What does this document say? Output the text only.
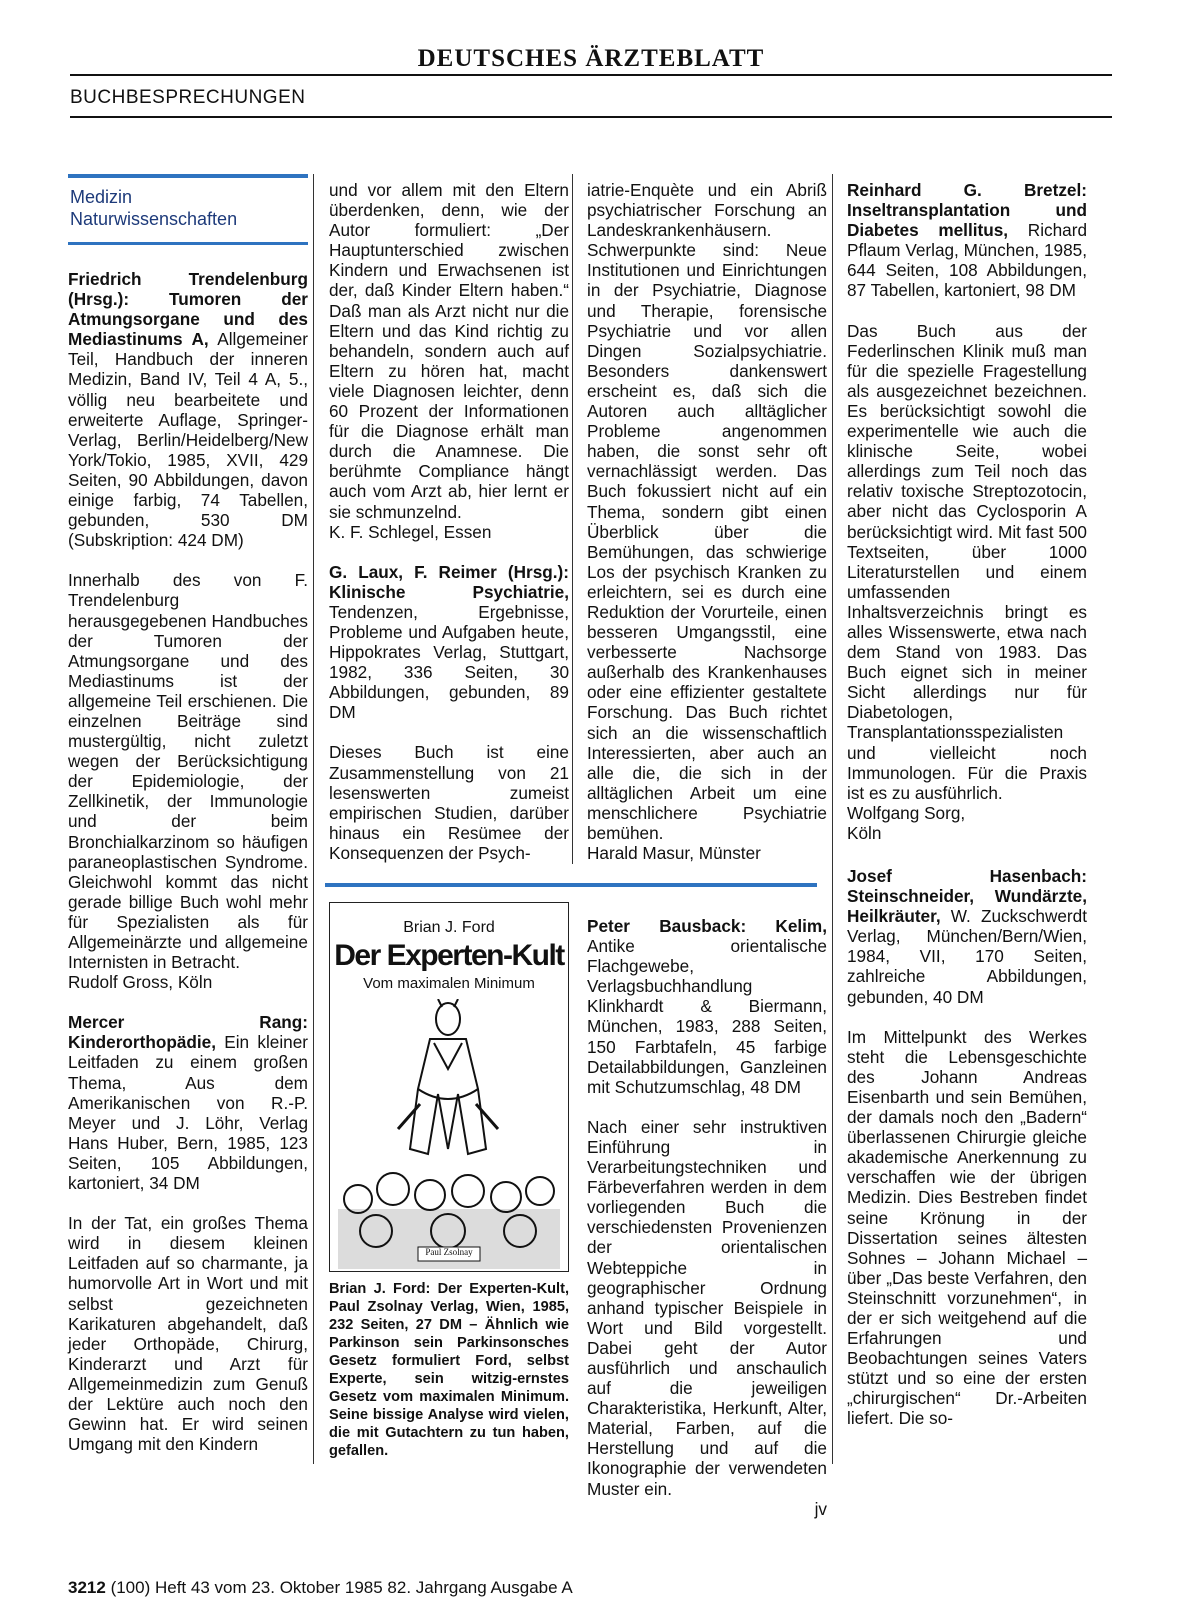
DEUTSCHES ÄRZTEBLATT
BUCHBESPRECHUNGEN
Medizin
Naturwissenschaften

Friedrich Trendelenburg (Hrsg.): Tumoren der Atmungsorgane und des Mediastinums A, Allgemeiner Teil, Handbuch der inneren Medizin, Band IV, Teil 4 A, 5., völlig neu bearbeitete und erweiterte Auflage, Springer-Verlag, Berlin/Heidelberg/New York/Tokio, 1985, XVII, 429 Seiten, 90 Abbildungen, davon einige farbig, 74 Tabellen, gebunden, 530 DM (Subskription: 424 DM)

Innerhalb des von F. Trendelenburg herausgegebenen Handbuches der Tumoren der Atmungsorgane und des Mediastinums ist der allgemeine Teil erschienen. Die einzelnen Beiträge sind mustergültig, nicht zuletzt wegen der Berücksichtigung der Epidemiologie, der Zellkinetik, der Immunologie und der beim Bronchialkarzinom so häufigen paraneoplastischen Syndrome. Gleichwohl kommt das nicht gerade billige Buch wohl mehr für Spezialisten als für Allgemeinärzte und allgemeine Internisten in Betracht.

Rudolf Gross, Köln

Mercer Rang: Kinderorthopädie, Ein kleiner Leitfaden zu einem großen Thema, Aus dem Amerikanischen von R.-P. Meyer und J. Löhr, Verlag Hans Huber, Bern, 1985, 123 Seiten, 105 Abbildungen, kartoniert, 34 DM

In der Tat, ein großes Thema wird in diesem kleinen Leitfaden auf so charmante, ja humorvolle Art in Wort und mit selbst gezeichneten Karikaturen abgehandelt, daß jeder Orthopäde, Chirurg, Kinderarzt und Arzt für Allgemeinmedizin zum Genuß der Lektüre auch noch den Gewinn hat. Er wird seinen Umgang mit den Kindern

und vor allem mit den Eltern überdenken, denn, wie der Autor formuliert: „Der Hauptunterschied zwischen Kindern und Erwachsenen ist der, daß Kinder Eltern haben.“ Daß man als Arzt nicht nur die Eltern und das Kind richtig zu behandeln, sondern auch auf Eltern zu hören hat, macht viele Diagnosen leichter, denn 60 Prozent der Informationen für die Diagnose erhält man durch die Anamnese. Die berühmte Compliance hängt auch vom Arzt ab, hier lernt er sie schmunzelnd.

K. F. Schlegel, Essen

G. Laux, F. Reimer (Hrsg.): Klinische Psychiatrie, Tendenzen, Ergebnisse, Probleme und Aufgaben heute, Hippokrates Verlag, Stuttgart, 1982, 336 Seiten, 30 Abbildungen, gebunden, 89 DM

Dieses Buch ist eine Zusammenstellung von 21 lesenswerten zumeist empirischen Studien, darüber hinaus ein Resümee der Konsequenzen der Psych-

iatrie-Enquète und ein Abriß psychiatrischer Forschung an Landeskrankenhäusern. Schwerpunkte sind: Neue Institutionen und Einrichtungen in der Psychiatrie, Diagnose und Therapie, forensische Psychiatrie und vor allen Dingen Sozialpsychiatrie. Besonders dankenswert erscheint es, daß sich die Autoren auch alltäglicher Probleme angenommen haben, die sonst sehr oft vernachlässigt werden. Das Buch fokussiert nicht auf ein Thema, sondern gibt einen Überblick über die Bemühungen, das schwierige Los der psychisch Kranken zu erleichtern, sei es durch eine Reduktion der Vorurteile, einen besseren Umgangsstil, eine verbesserte Nachsorge außerhalb des Krankenhauses oder eine effizienter gestaltete Forschung. Das Buch richtet sich an die wissenschaftlich Interessierten, aber auch an alle die, die sich in der alltäglichen Arbeit um eine menschlichere Psychiatrie bemühen.

Harald Masur, Münster

Reinhard G. Bretzel: Inseltransplantation und Diabetes mellitus, Richard Pflaum Verlag, München, 1985, 644 Seiten, 108 Abbildungen, 87 Tabellen, kartoniert, 98 DM

Das Buch aus der Federlinschen Klinik muß man für die spezielle Fragestellung als ausgezeichnet bezeichnen. Es berücksichtigt sowohl die experimentelle wie auch die klinische Seite, wobei allerdings zum Teil noch das relativ toxische Streptozotocin, aber nicht das Cyclosporin A berücksichtigt wird. Mit fast 500 Textseiten, über 1000 Literaturstellen und einem umfassenden Inhaltsverzeichnis bringt es alles Wissenswerte, etwa nach dem Stand von 1983. Das Buch eignet sich in meiner Sicht allerdings nur für Diabetologen, Transplantationsspezialisten und vielleicht noch Immunologen. Für die Praxis ist es zu ausführlich.

Wolfgang Sorg,

Köln

Brian J. Ford
Der Experten-Kult
Vom maximalen Minimum
Paul Zsolnay
Brian J. Ford: Der Experten-Kult, Paul Zsolnay Verlag, Wien, 1985, 232 Seiten, 27 DM – Ähnlich wie Parkinson sein Parkinsonsches Gesetz formuliert Ford, selbst Experte, sein witzig-ernstes Gesetz vom maximalen Minimum. Seine bissige Analyse wird vielen, die mit Gutachtern zu tun haben, gefallen.

Peter Bausback: Kelim, Antike orientalische Flachgewebe, Verlagsbuchhandlung Klinkhardt & Biermann, München, 1983, 288 Seiten, 150 Farbtafeln, 45 farbige Detailabbildungen, Ganzleinen mit Schutzumschlag, 48 DM

Nach einer sehr instruktiven Einführung in Verarbeitungstechniken und Färbeverfahren werden in dem vorliegenden Buch die verschiedensten Provenienzen der orientalischen Webteppiche in geographischer Ordnung anhand typischer Beispiele in Wort und Bild vorgestellt. Dabei geht der Autor ausführlich und anschaulich auf die jeweiligen Charakteristika, Herkunft, Alter, Material, Farben, auf die Herstellung und auf die Ikonographie der verwendeten Muster ein.

jv

Josef Hasenbach: Steinschneider, Wundärzte, Heilkräuter, W. Zuckschwerdt Verlag, München/Bern/Wien, 1984, VII, 170 Seiten, zahlreiche Abbildungen, gebunden, 40 DM

Im Mittelpunkt des Werkes steht die Lebensgeschichte des Johann Andreas Eisenbarth und sein Bemühen, der damals noch den „Badern“ überlassenen Chirurgie gleiche akademische Anerkennung zu verschaffen wie der übrigen Medizin. Dies Bestreben findet seine Krönung in der Dissertation seines ältesten Sohnes – Johann Michael – über „Das beste Verfahren, den Steinschnitt vorzunehmen“, in der er sich weitgehend auf die Erfahrungen und Beobachtungen seines Vaters stützt und so eine der ersten „chirurgischen“ Dr.-Arbeiten liefert. Die so-

3212 (100) Heft 43 vom 23. Oktober 1985 82. Jahrgang Ausgabe A
